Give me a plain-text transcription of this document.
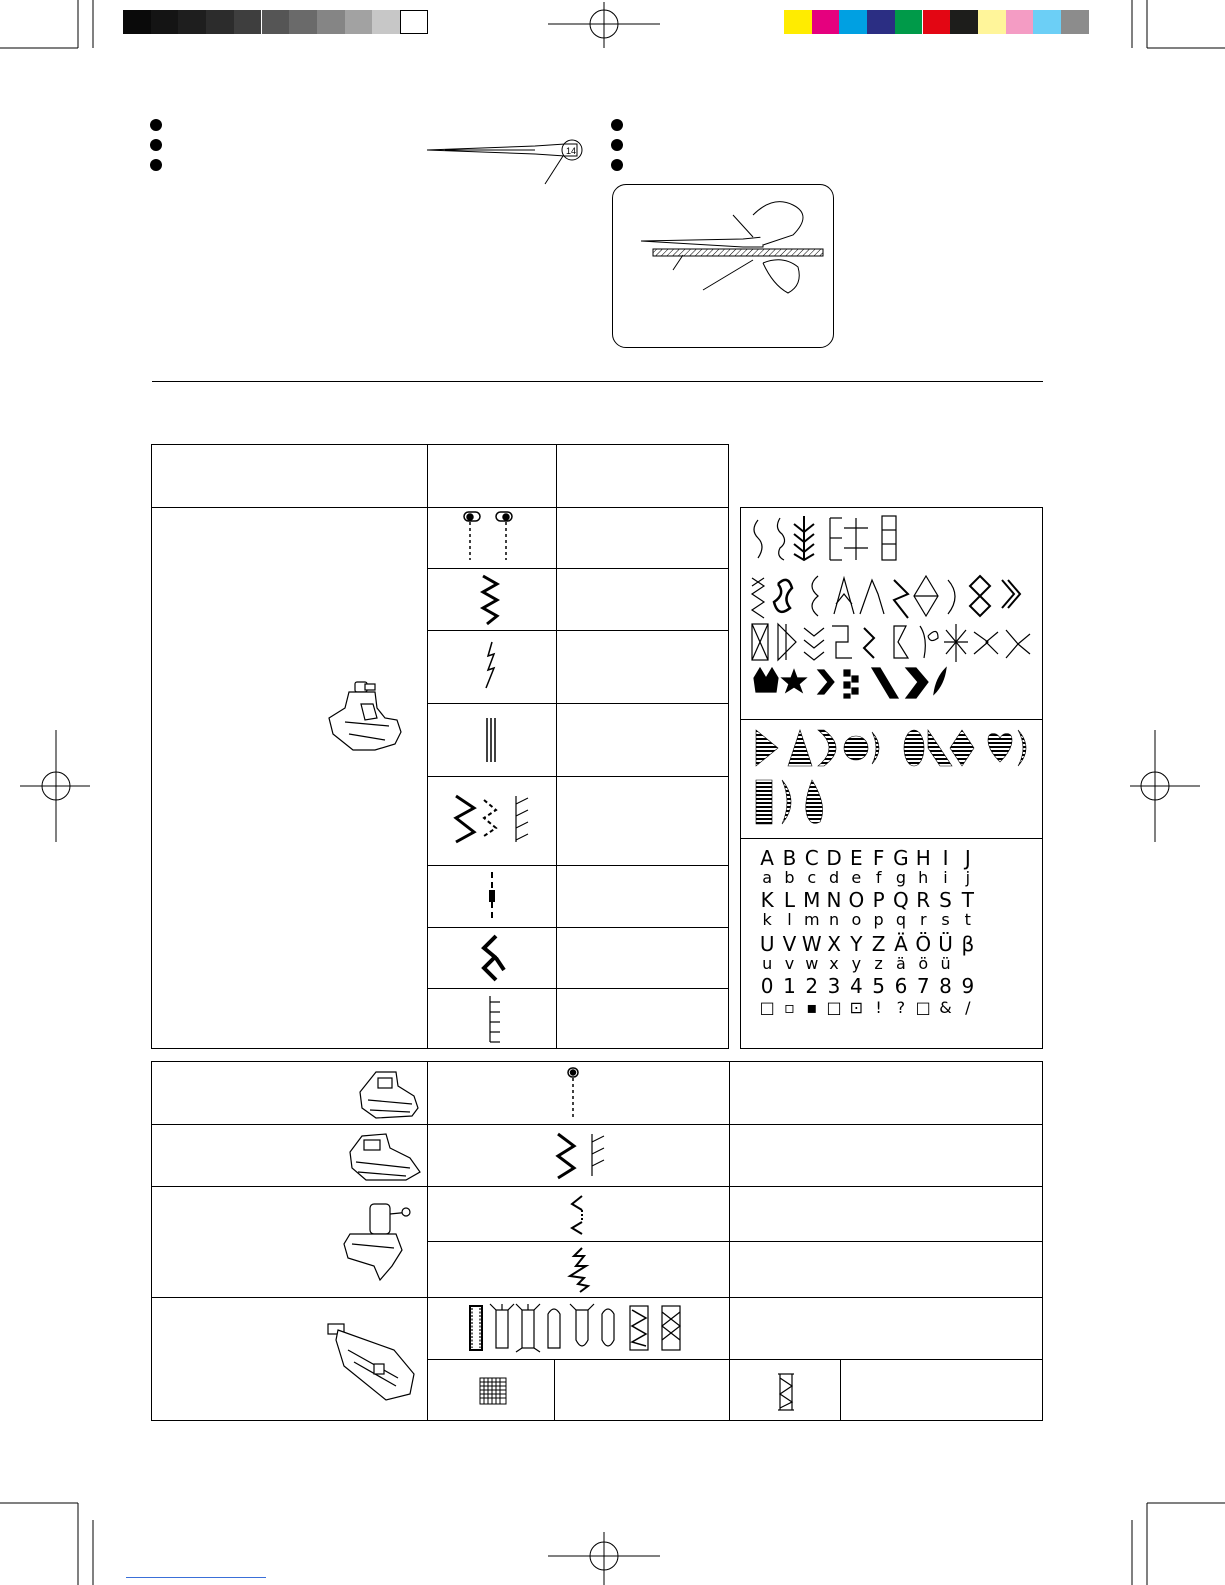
14
A B C D E F G H I J
a b c d e f g h i j
K L M N O P Q R S T
k l m n o p q r s t
U V W X Y Z Ä Ö Ü β
u v w x y z ä ö ü
0 1 2 3 4 5 6 7 8 9
□ ▫ ▪ □ ⊡ ! ? □ & /
